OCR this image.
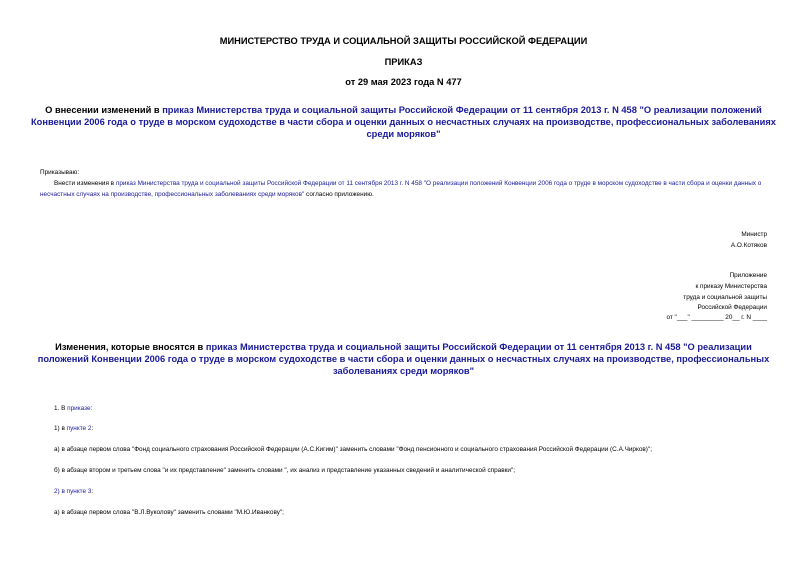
МИНИСТЕРСТВО ТРУДА И СОЦИАЛЬНОЙ ЗАЩИТЫ РОССИЙСКОЙ ФЕДЕРАЦИИ
ПРИКАЗ
от 29 мая 2023 года N 477
О внесении изменений в приказ Министерства труда и социальной защиты Российской Федерации от 11 сентября 2013 г. N 458 "О реализации положений Конвенции 2006 года о труде в морском судоходстве в части сбора и оценки данных о несчастных случаях на производстве, профессиональных заболеваниях среди моряков"
Приказываю:
Внести изменения в приказ Министерства труда и социальной защиты Российской Федерации от 11 сентября 2013 г. N 458 "О реализации положений Конвенции 2006 года о труде в морском судоходстве в части сбора и оценки данных о несчастных случаях на производстве, профессиональных заболеваниях среди моряков" согласно приложению.
Министр
А.О.Котяков
Приложение
к приказу Министерства
труда и социальной защиты
Российской Федерации
от "___" _________ 20__ г. N ____
Изменения, которые вносятся в приказ Министерства труда и социальной защиты Российской Федерации от 11 сентября 2013 г. N 458 "О реализации положений Конвенции 2006 года о труде в морском судоходстве в части сбора и оценки данных о несчастных случаях на производстве, профессиональных заболеваниях среди моряков"
1. В приказе:
1) в пункте 2:
а) в абзаце первом слова "Фонд социального страхования Российской Федерации (А.С.Кигим)" заменить словами "Фонд пенсионного и социального страхования Российской Федерации (С.А.Чирков)";
б) в абзаце втором и третьем слова "и их представление" заменить словами ", их анализ и представление указанных сведений и аналитической справки";
2) в пункте 3:
а) в абзаце первом слова "В.Л.Вуколову" заменить словами "М.Ю.Иванкову";
